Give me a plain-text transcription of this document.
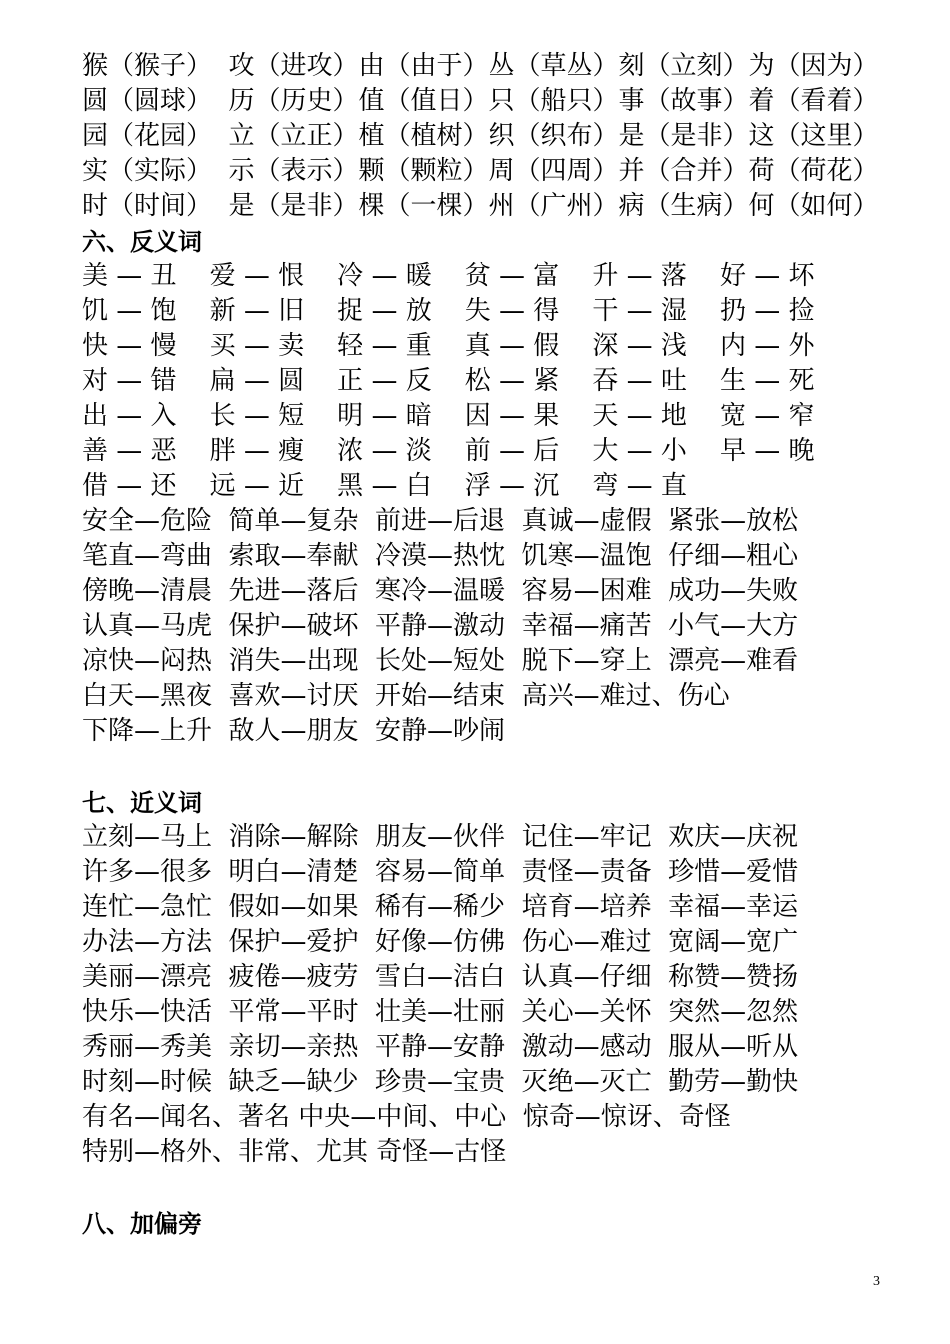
猴（猴子）  攻（进攻）由（由于）丛（草丛）刻（立刻）为（因为）
圆（圆球）  历（历史）值（值日）只（船只）事（故事）着（看着）
园（花园）  立（立正）植（植树）织（织布）是（是非）这（这里）
实（实际）  示（表示）颗（颗粒）周（四周）并（合并）荷（荷花）
时（时间）  是（是非）棵（一棵）州（广州）病（生病）何（如何）
六、反义词
美 — 丑    爱 — 恨    冷 — 暖    贫 — 富    升 — 落    好 — 坏
饥 — 饱    新 — 旧    捉 — 放    失 — 得    干 — 湿    扔 — 捡
快 — 慢    买 — 卖    轻 — 重    真 — 假    深 — 浅    内 — 外
对 — 错    扁 — 圆    正 — 反    松 — 紧    吞 — 吐    生 — 死
出 — 入    长 — 短    明 — 暗    因 — 果    天 — 地    宽 — 窄
善 — 恶    胖 — 瘦    浓 — 淡    前 — 后    大 — 小    早 — 晚
借 — 还    远 — 近    黑 — 白    浮 — 沉    弯 — 直
安全—危险  简单—复杂  前进—后退  真诚—虚假  紧张—放松
笔直—弯曲  索取—奉献  冷漠—热忱  饥寒—温饱  仔细—粗心
傍晚—清晨  先进—落后  寒冷—温暖  容易—困难  成功—失败
认真—马虎  保护—破坏  平静—激动  幸福—痛苦  小气—大方
凉快—闷热  消失—出现  长处—短处  脱下—穿上  漂亮—难看
白天—黑夜  喜欢—讨厌  开始—结束  高兴—难过、伤心
下降—上升  敌人—朋友  安静—吵闹
七、近义词
立刻—马上  消除—解除  朋友—伙伴  记住—牢记  欢庆—庆祝
许多—很多  明白—清楚  容易—简单  责怪—责备  珍惜—爱惜
连忙—急忙  假如—如果  稀有—稀少  培育—培养  幸福—幸运
办法—方法  保护—爱护  好像—仿佛  伤心—难过  宽阔—宽广
美丽—漂亮  疲倦—疲劳  雪白—洁白  认真—仔细  称赞—赞扬
快乐—快活  平常—平时  壮美—壮丽  关心—关怀  突然—忽然
秀丽—秀美  亲切—亲热  平静—安静  激动—感动  服从—听从
时刻—时候  缺乏—缺少  珍贵—宝贵  灭绝—灭亡  勤劳—勤快
有名—闻名、著名 中央—中间、中心  惊奇—惊讶、奇怪
特别—格外、非常、尤其 奇怪—古怪
八、加偏旁
3
